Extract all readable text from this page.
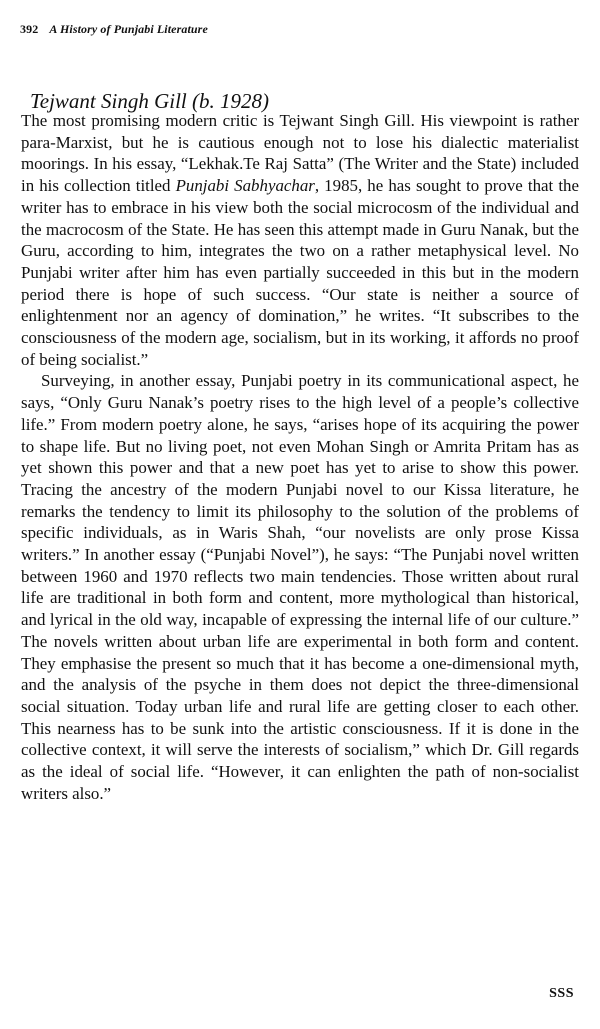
392 A History of Punjabi Literature
Tejwant Singh Gill (b. 1928)

The most promising modern critic is Tejwant Singh Gill. His viewpoint is rather para-Marxist, but he is cautious enough not to lose his dialectic materialist moorings. In his essay, “Lekhak.Te Raj Satta” (The Writer and the State) included in his collection titled Punjabi Sabhyachar, 1985, he has sought to prove that the writer has to embrace in his view both the social microcosm of the individual and the macrocosm of the State. He has seen this attempt made in Guru Nanak, but the Guru, according to him, integrates the two on a rather metaphysical level. No Punjabi writer after him has even partially succeeded in this but in the modern period there is hope of such success. “Our state is neither a source of enlightenment nor an agency of domination,” he writes. “It subscribes to the consciousness of the modern age, socialism, but in its working, it affords no proof of being socialist.”

Surveying, in another essay, Punjabi poetry in its communicational aspect, he says, “Only Guru Nanak’s poetry rises to the high level of a people’s collective life.” From modern poetry alone, he says, “arises hope of its acquiring the power to shape life. But no living poet, not even Mohan Singh or Amrita Pritam has as yet shown this power and that a new poet has yet to arise to show this power. Tracing the ancestry of the modern Punjabi novel to our Kissa literature, he remarks the tendency to limit its philosophy to the solution of the problems of specific individuals, as in Waris Shah, “our novelists are only prose Kissa writers.” In another essay (“Punjabi Novel”), he says: “The Punjabi novel written between 1960 and 1970 reflects two main tendencies. Those written about rural life are traditional in both form and content, more mythological than historical, and lyrical in the old way, incapable of expressing the internal life of our culture.” The novels written about urban life are experimental in both form and content. They emphasise the present so much that it has become a one-dimensional myth, and the analysis of the psyche in them does not depict the three-dimensional social situation. Today urban life and rural life are getting closer to each other. This nearness has to be sunk into the artistic consciousness. If it is done in the collective context, it will serve the interests of socialism,” which Dr. Gill regards as the ideal of social life. “However, it can enlighten the path of non-socialist writers also.”

SSS
